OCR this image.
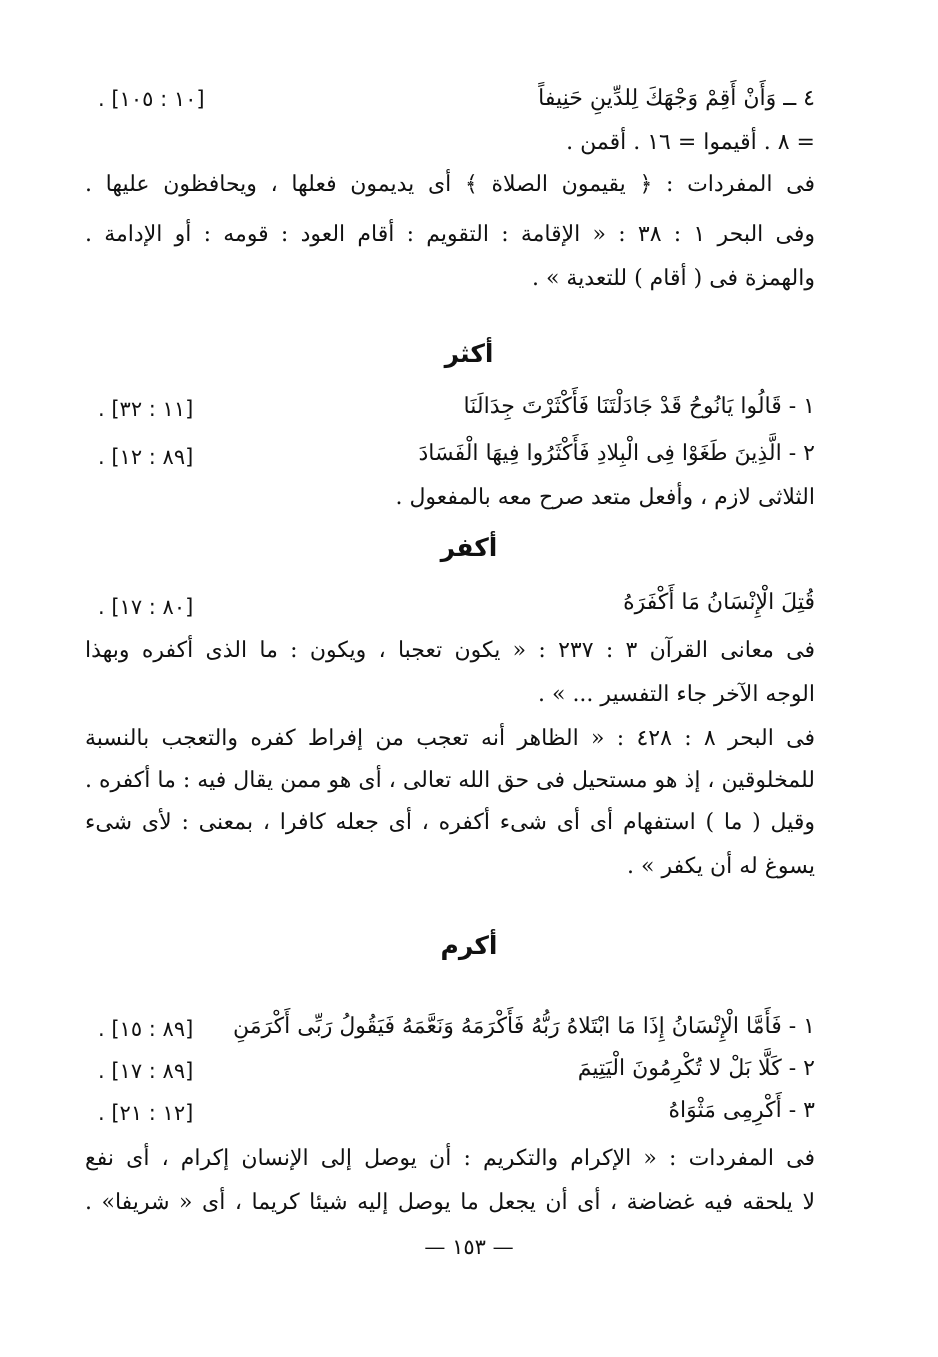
٤ ــ وَأَنْ أَقِمْ وَجْهَكَ لِلدِّينِ حَنِيفاً
. [١٠ : ١٠٥]
= ٨ . أقيموا = ١٦ . أقمن .
فى المفردات : ﴿ يقيمون الصلاة ﴾ أى يديمون فعلها ، ويحافظون عليها .
وفى البحر ١ : ٣٨ : « الإقامة : التقويم : أقام العود : قومه : أو الإدامة .
والهمزة فى ( أقام ) للتعدية » .
أكثر
١ - قَالُوا يَانُوحُ قَدْ جَادَلْتَنَا فَأَكْثَرْتَ جِدَالَنَا
. [١١ : ٣٢]
٢ - الَّذِينَ طَغَوْا فِى الْبِلادِ فَأَكْثَرُوا فِيهَا الْفَسَادَ
. [٨٩ : ١٢]
الثلاثى لازم ، وأفعل متعد صرح معه بالمفعول .
أكفر
قُتِلَ الْإِنْسَانُ مَا أَكْفَرَهُ
. [٨٠ : ١٧]
فى معانى القرآن ٣ : ٢٣٧ : « يكون تعجبا ، ويكون : ما الذى أكفره وبهذا
الوجه الآخر جاء التفسير ... » .
فى البحر ٨ : ٤٢٨ : « الظاهر أنه تعجب من إفراط كفره والتعجب بالنسبة
للمخلوقين ، إذ هو مستحيل فى حق الله تعالى ، أى هو ممن يقال فيه : ما أكفره .
وقيل ( ما ) استفهام أى أى شىء أكفره ، أى جعله كافرا ، بمعنى : لأى شىء
يسوغ له أن يكفر » .
أكرم
١ - فَأَمَّا الْإِنْسَانُ إِذَا مَا ابْتَلاهُ رَبُّهُ فَأَكْرَمَهُ وَنَعَّمَهُ فَيَقُولُ رَبِّى أَكْرَمَنِ
. [٨٩ : ١٥]
٢ - كَلَّا بَلْ لا تُكْرِمُونَ الْيَتِيمَ
. [٨٩ : ١٧]
٣ - أَكْرِمِى مَثْوَاهُ
. [١٢ : ٢١]
فى المفردات : « الإكرام والتكريم : أن يوصل إلى الإنسان إكرام ، أى نفع
لا يلحقه فيه غضاضة ، أى أن يجعل ما يوصل إليه شيئا كريما ، أى « شريفا» .
— ١٥٣ —
